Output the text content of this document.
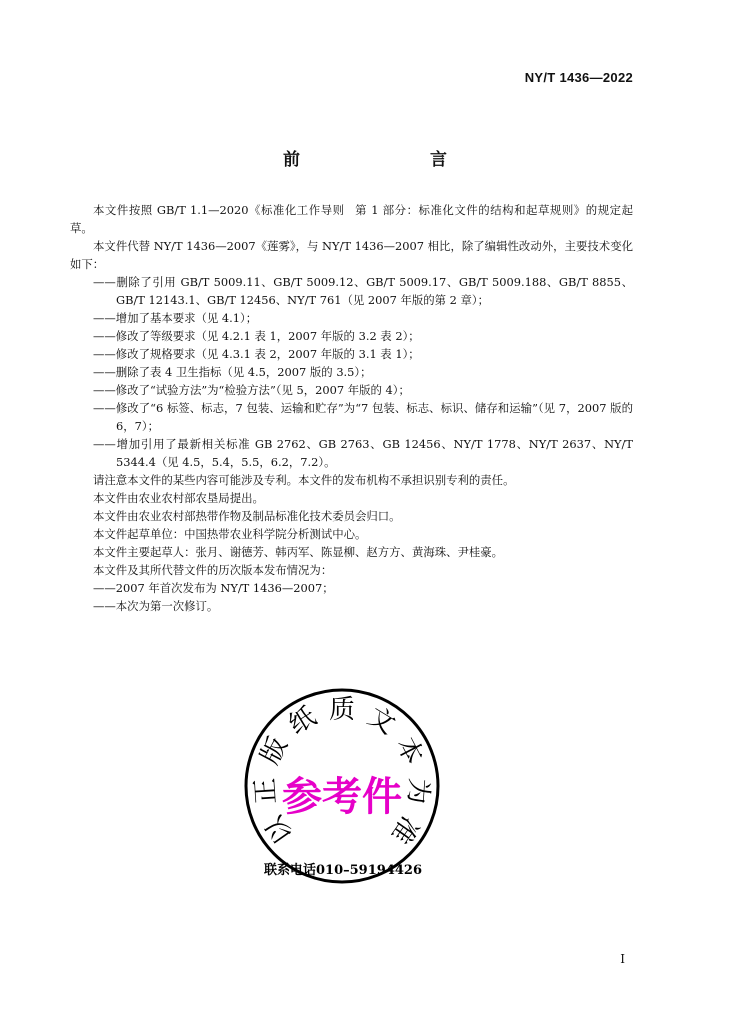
NY/T 1436—2022
前　　言

本文件按照 GB/T 1.1—2020《标准化工作导则 第 1 部分：标准化文件的结构和起草规则》的规定起草。

本文件代替 NY/T 1436—2007《莲雾》，与 NY/T 1436—2007 相比，除了编辑性改动外，主要技术变化如下：

——删除了引用 GB/T 5009.11、GB/T 5009.12、GB/T 5009.17、GB/T 5009.188、GB/T 8855、GB/T 12143.1、GB/T 12456、NY/T 761（见 2007 年版的第 2 章）；

——增加了基本要求（见 4.1）；

——修改了等级要求（见 4.2.1 表 1，2007 年版的 3.2 表 2）；

——修改了规格要求（见 4.3.1 表 2，2007 年版的 3.1 表 1）；

——删除了表 4 卫生指标（见 4.5，2007 版的 3.5）；

——修改了“试验方法”为“检验方法”（见 5，2007 年版的 4）；

——修改了“6 标签、标志，7 包装、运输和贮存”为“7 包装、标志、标识、储存和运输”（见 7，2007 版的 6，7）；

——增加引用了最新相关标准 GB 2762、GB 2763、GB 12456、NY/T 1778、NY/T 2637、NY/T 5344.4（见 4.5，5.4，5.5，6.2，7.2）。

请注意本文件的某些内容可能涉及专利。本文件的发布机构不承担识别专利的责任。

本文件由农业农村部农垦局提出。

本文件由农业农村部热带作物及制品标准化技术委员会归口。

本文件起草单位：中国热带农业科学院分析测试中心。

本文件主要起草人：张月、谢德芳、韩丙军、陈显柳、赵方方、黄海珠、尹桂豪。

本文件及其所代替文件的历次版本发布情况为：

——2007 年首次发布为 NY/T 1436—2007；

——本次为第一次修订。

以
正
版
纸 质 文
本
为
准
参考件
联系电话010–59194426
I
